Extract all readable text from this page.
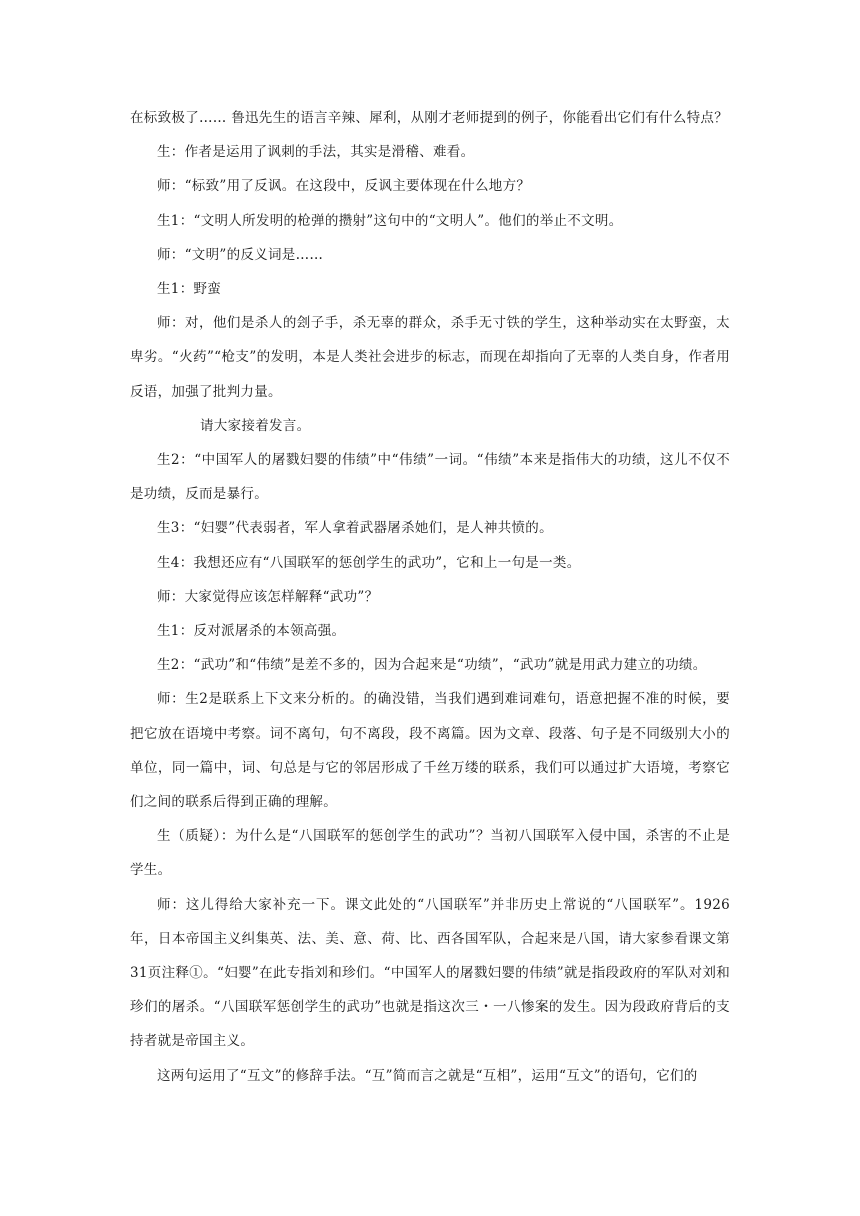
在标致极了…… 鲁迅先生的语言辛辣、犀利，从刚才老师提到的例子，你能看出它们有什么特点？

生：作者是运用了讽刺的手法，其实是滑稽、难看。

师：“标致”用了反讽。在这段中，反讽主要体现在什么地方？

生1：“文明人所发明的枪弹的攒射”这句中的“文明人”。他们的举止不文明。

师：“文明”的反义词是……

生1：野蛮

师：对，他们是杀人的刽子手，杀无辜的群众，杀手无寸铁的学生，这种举动实在太野蛮，太卑劣。“火药”“枪支”的发明，本是人类社会进步的标志，而现在却指向了无辜的人类自身，作者用反语，加强了批判力量。

请大家接着发言。

生2：“中国军人的屠戮妇婴的伟绩”中“伟绩”一词。“伟绩”本来是指伟大的功绩，这儿不仅不是功绩，反而是暴行。

生3：“妇婴”代表弱者，军人拿着武器屠杀她们，是人神共愤的。

生4：我想还应有“八国联军的惩创学生的武功”，它和上一句是一类。

师：大家觉得应该怎样解释“武功”？

生1：反对派屠杀的本领高强。

生2：“武功”和“伟绩”是差不多的，因为合起来是“功绩”，“武功”就是用武力建立的功绩。

师：生2是联系上下文来分析的。的确没错，当我们遇到难词难句，语意把握不准的时候，要把它放在语境中考察。词不离句，句不离段，段不离篇。因为文章、段落、句子是不同级别大小的单位，同一篇中，词、句总是与它的邻居形成了千丝万缕的联系，我们可以通过扩大语境，考察它们之间的联系后得到正确的理解。

生（质疑）：为什么是“八国联军的惩创学生的武功”？当初八国联军入侵中国，杀害的不止是学生。

师：这儿得给大家补充一下。课文此处的“八国联军”并非历史上常说的“八国联军”。1926年，日本帝国主义纠集英、法、美、意、荷、比、西各国军队，合起来是八国，请大家参看课文第31页注释①。“妇婴”在此专指刘和珍们。“中国军人的屠戮妇婴的伟绩”就是指段政府的军队对刘和珍们的屠杀。“八国联军惩创学生的武功”也就是指这次三・一八惨案的发生。因为段政府背后的支持者就是帝国主义。

这两句运用了“互文”的修辞手法。“互”简而言之就是“互相”，运用“互文”的语句，它们的
